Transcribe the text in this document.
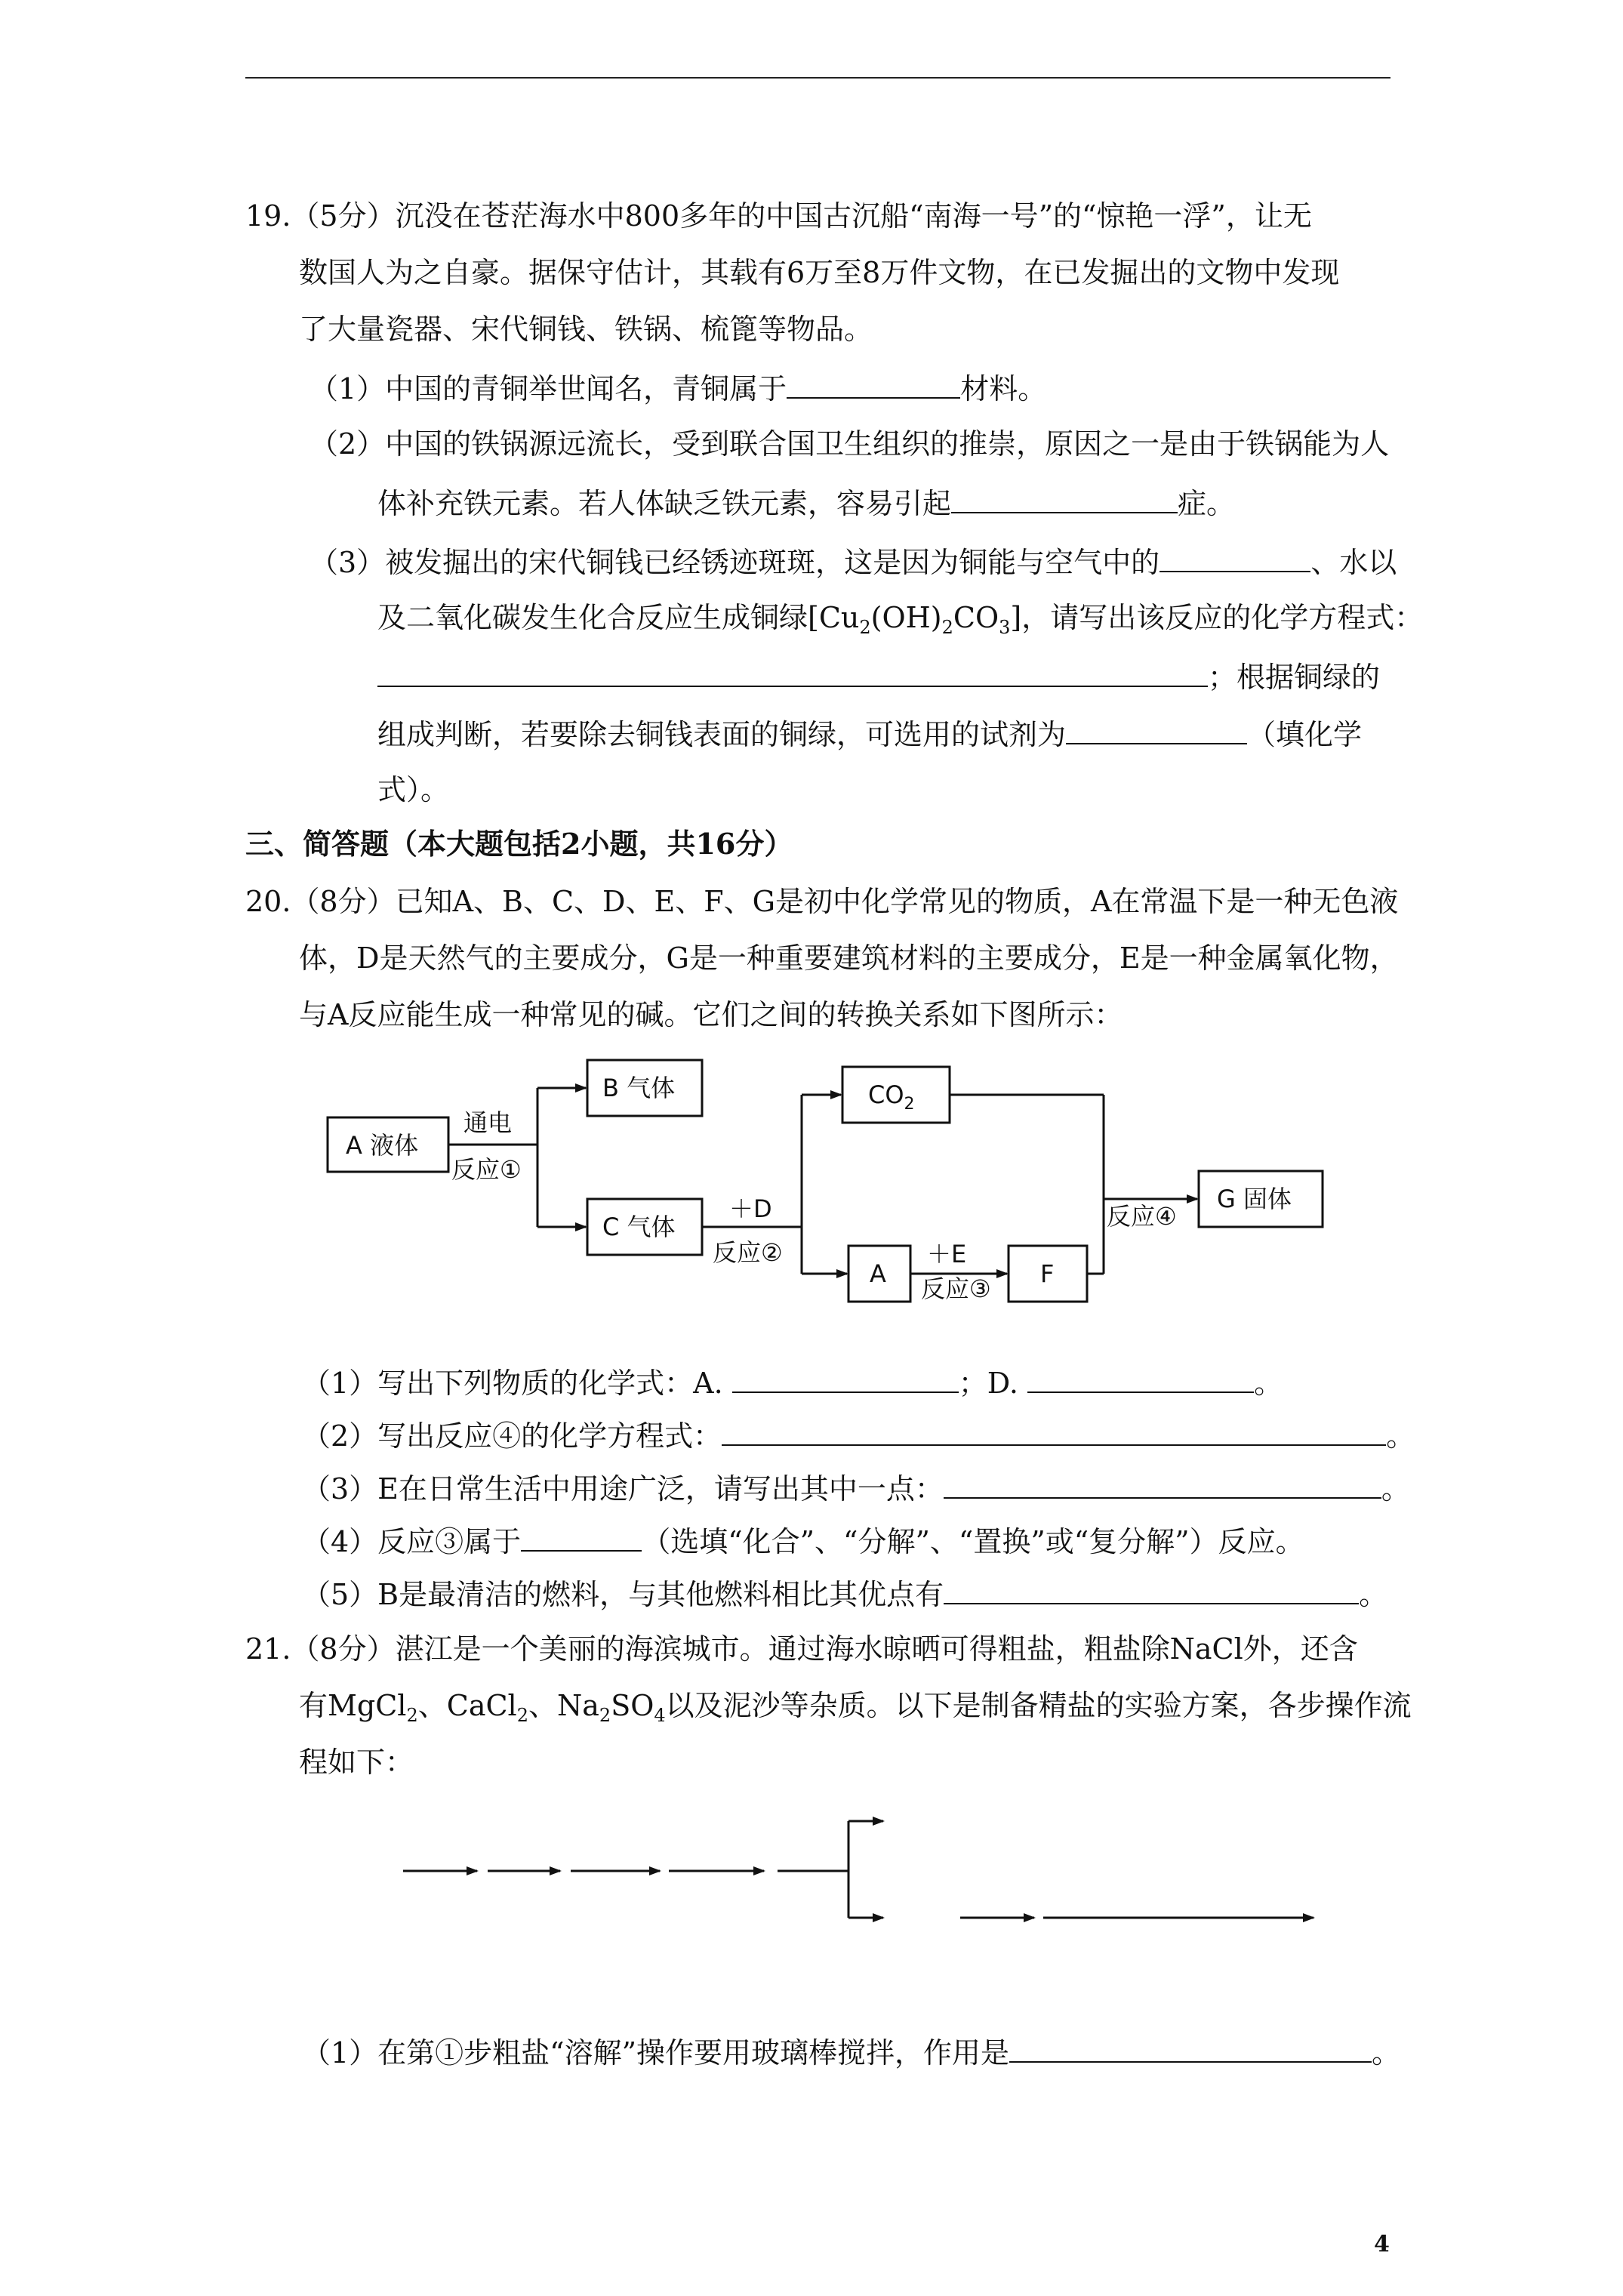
19.（5分）沉没在苍茫海水中800多年的中国古沉船“南海一号”的“惊艳一浮”，让无
数国人为之自豪。据保守估计，其载有6万至8万件文物，在已发掘出的文物中发现
了大量瓷器、宋代铜钱、铁锅、梳篦等物品。
（1）中国的青铜举世闻名，青铜属于	材料。
（2）中国的铁锅源远流长，受到联合国卫生组织的推崇，原因之一是由于铁锅能为人
体补充铁元素。若人体缺乏铁元素，容易引起	症。
（3）被发掘出的宋代铜钱已经锈迹斑斑，这是因为铜能与空气中的	、水以
及二氧化碳发生化合反应生成铜绿$[Cu_2(OH)_2CO_3]$，请写出该反应的化学方程式：
；根据铜绿的
组成判断，若要除去铜钱表面的铜绿，可选用的试剂为	（填化学
式）。
三、简答题（本大题包括2小题，共16分）
20.（8分）已知A、B、C、D、E、F、G是初中化学常见的物质，A在常温下是一种无色液
体，D是天然气的主要成分，G是一种重要建筑材料的主要成分，E是一种金属氧化物，
与A反应能生成一种常见的碱。它们之间的转换关系如下图所示：
A 液体
B 气体
C 气体
$CO_2$
A	F
G 固体
通电
反应①
＋D
反应②	＋E
反应③
反应④
（1）写出下列物质的化学式：A.	；D.	。
（2）写出反应④的化学方程式：	。
（3）E在日常生活中用途广泛，请写出其中一点：	。
（4）反应③属于	（选填“化合”、“分解”、“置换”或“复分解”）反应。
（5）B是最清洁的燃料，与其他燃料相比其优点有	。
21.（8分）湛江是一个美丽的海滨城市。通过海水晾晒可得粗盐，粗盐除NaCl外，还含
有MgCl$_2$、CaCl$_2$、$Na_2SO_4$以及泥沙等杂质。以下是制备精盐的实验方案，各步操作流
程如下：
（1）在第①步粗盐“溶解”操作要用玻璃棒搅拌，作用是	。
4
